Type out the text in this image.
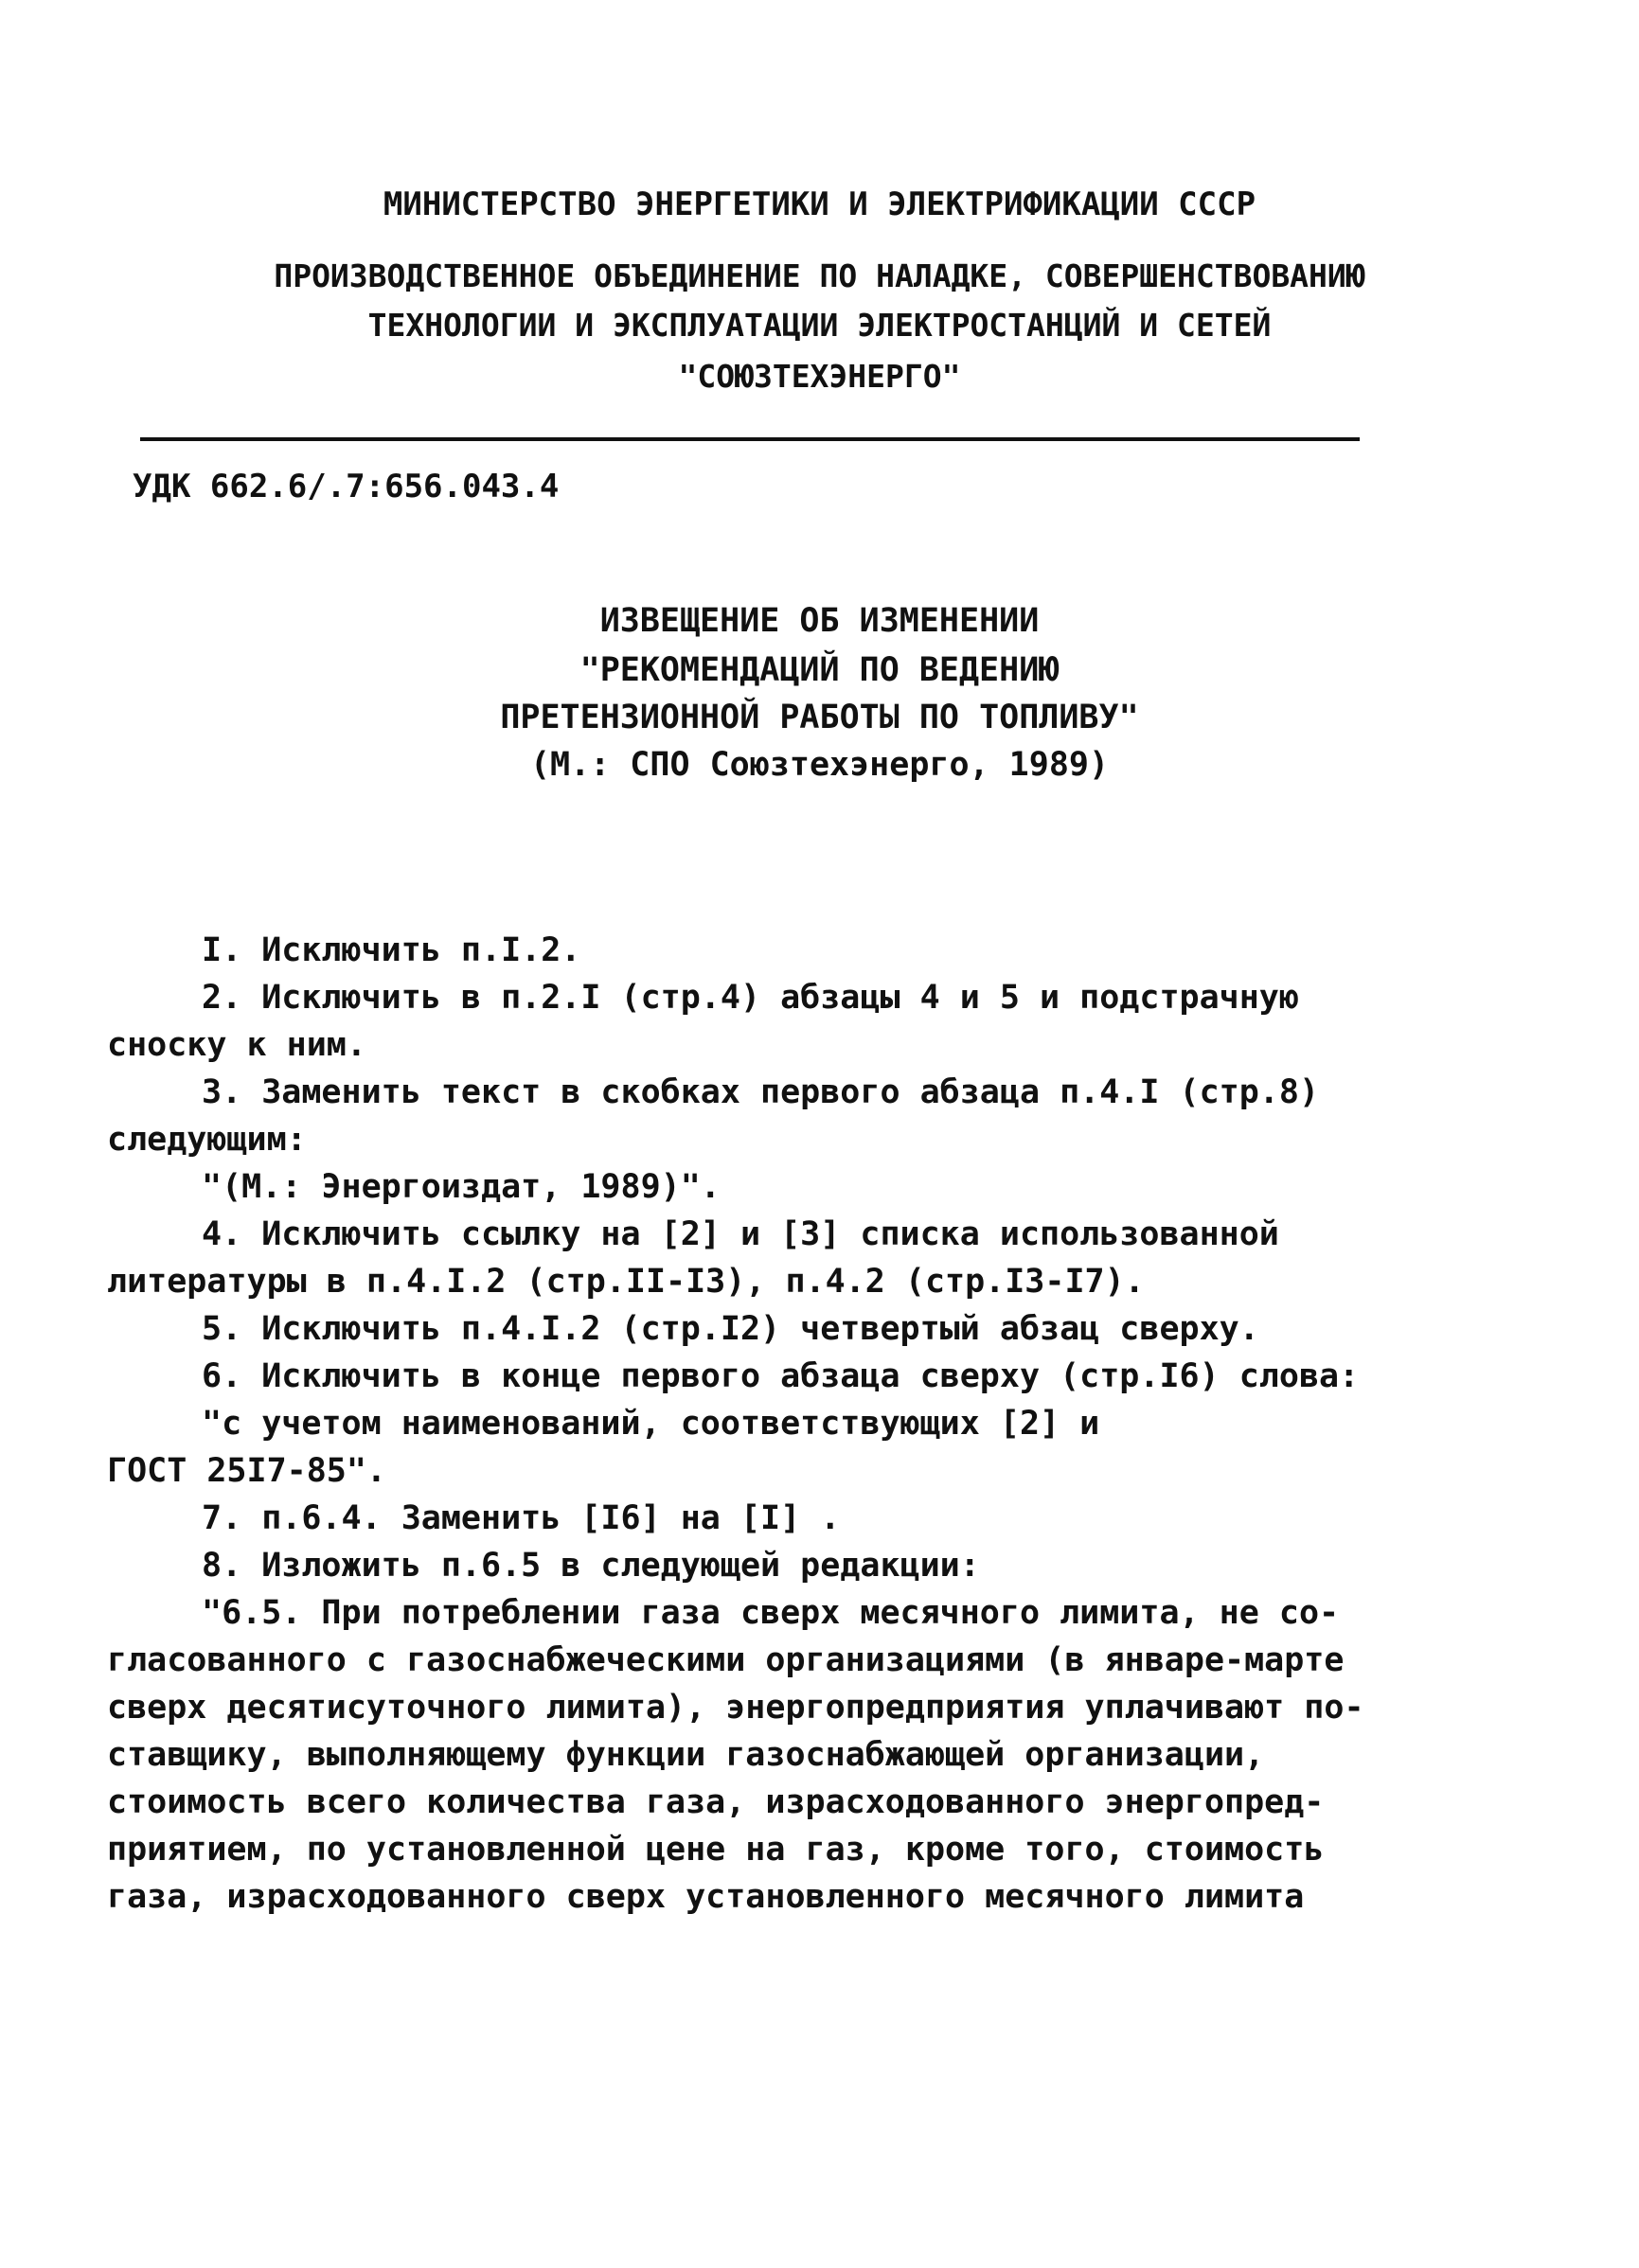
МИНИСТЕРСТВО ЭНЕРГЕТИКИ И ЭЛЕКТРИФИКАЦИИ СССР
ПРОИЗВОДСТВЕННОЕ ОБЪЕДИНЕНИЕ ПО НАЛАДКЕ, СОВЕРШЕНСТВОВАНИЮ
ТЕХНОЛОГИИ И ЭКСПЛУАТАЦИИ ЭЛЕКТРОСТАНЦИЙ И СЕТЕЙ
"СОЮЗТЕХЭНЕРГО"
УДК 662.6/.7:656.043.4
ИЗВЕЩЕНИЕ ОБ ИЗМЕНЕНИИ
"РЕКОМЕНДАЦИЙ ПО ВЕДЕНИЮ
ПРЕТЕНЗИОННОЙ РАБОТЫ ПО ТОПЛИВУ"
(М.: СПО Союзтехэнерго, 1989)
I. Исключить п.I.2.
2. Исключить в п.2.I (стр.4) абзацы 4 и 5 и подстрачную
сноску к ним.
3. Заменить текст в скобках первого абзаца п.4.I (стр.8)
следующим:
"(М.: Энергоиздат, 1989)".
4. Исключить ссылку на [2] и [3] списка использованной
литературы в п.4.I.2 (стр.II-I3), п.4.2 (стр.I3-I7).
5. Исключить п.4.I.2 (стр.I2) четвертый абзац сверху.
6. Исключить в конце первого абзаца сверху (стр.I6) слова:
"с учетом наименований, соответствующих [2] и
ГОСТ 25I7-85".
7. п.6.4. Заменить [I6] на [I] .
8. Изложить п.6.5 в следующей редакции:
"6.5. При потреблении газа сверх месячного лимита, не со-
гласованного с газоснабжеческими организациями (в январе-марте
сверх десятисуточного лимита), энергопредприятия уплачивают по-
ставщику, выполняющему функции газоснабжающей организации,
стоимость всего количества газа, израсходованного энергопред-
приятием, по установленной цене на газ, кроме того, стоимость
газа, израсходованного сверх установленного месячного лимита
